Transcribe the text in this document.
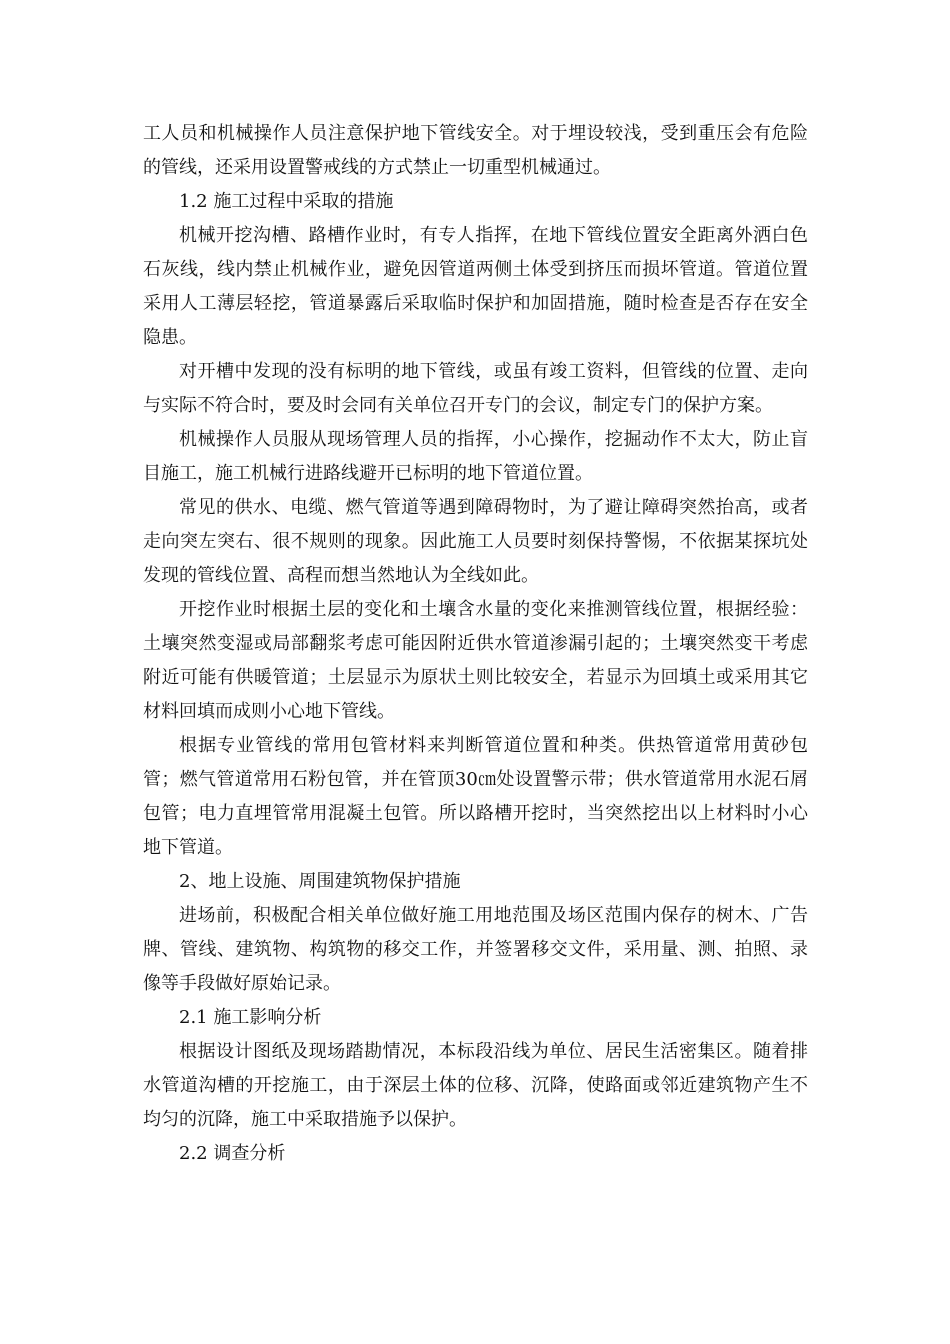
工人员和机械操作人员注意保护地下管线安全。对于埋设较浅，受到重压会有危险的管线，还采用设置警戒线的方式禁止一切重型机械通过。

1.2 施工过程中采取的措施

机械开挖沟槽、路槽作业时，有专人指挥，在地下管线位置安全距离外洒白色石灰线，线内禁止机械作业，避免因管道两侧土体受到挤压而损坏管道。管道位置采用人工薄层轻挖，管道暴露后采取临时保护和加固措施，随时检查是否存在安全隐患。

对开槽中发现的没有标明的地下管线，或虽有竣工资料，但管线的位置、走向与实际不符合时，要及时会同有关单位召开专门的会议，制定专门的保护方案。

机械操作人员服从现场管理人员的指挥，小心操作，挖掘动作不太大，防止盲目施工，施工机械行进路线避开已标明的地下管道位置。

常见的供水、电缆、燃气管道等遇到障碍物时，为了避让障碍突然抬高，或者走向突左突右、很不规则的现象。因此施工人员要时刻保持警惕，不依据某探坑处发现的管线位置、高程而想当然地认为全线如此。

开挖作业时根据土层的变化和土壤含水量的变化来推测管线位置，根据经验：土壤突然变湿或局部翻浆考虑可能因附近供水管道渗漏引起的；土壤突然变干考虑附近可能有供暖管道；土层显示为原状土则比较安全，若显示为回填土或采用其它材料回填而成则小心地下管线。

根据专业管线的常用包管材料来判断管道位置和种类。供热管道常用黄砂包管；燃气管道常用石粉包管，并在管顶30㎝处设置警示带；供水管道常用水泥石屑包管；电力直埋管常用混凝土包管。所以路槽开挖时，当突然挖出以上材料时小心地下管道。

2、地上设施、周围建筑物保护措施

进场前，积极配合相关单位做好施工用地范围及场区范围内保存的树木、广告牌、管线、建筑物、构筑物的移交工作，并签署移交文件，采用量、测、拍照、录像等手段做好原始记录。

2.1 施工影响分析

根据设计图纸及现场踏勘情况，本标段沿线为单位、居民生活密集区。随着排水管道沟槽的开挖施工，由于深层土体的位移、沉降，使路面或邻近建筑物产生不均匀的沉降，施工中采取措施予以保护。

2.2 调查分析
